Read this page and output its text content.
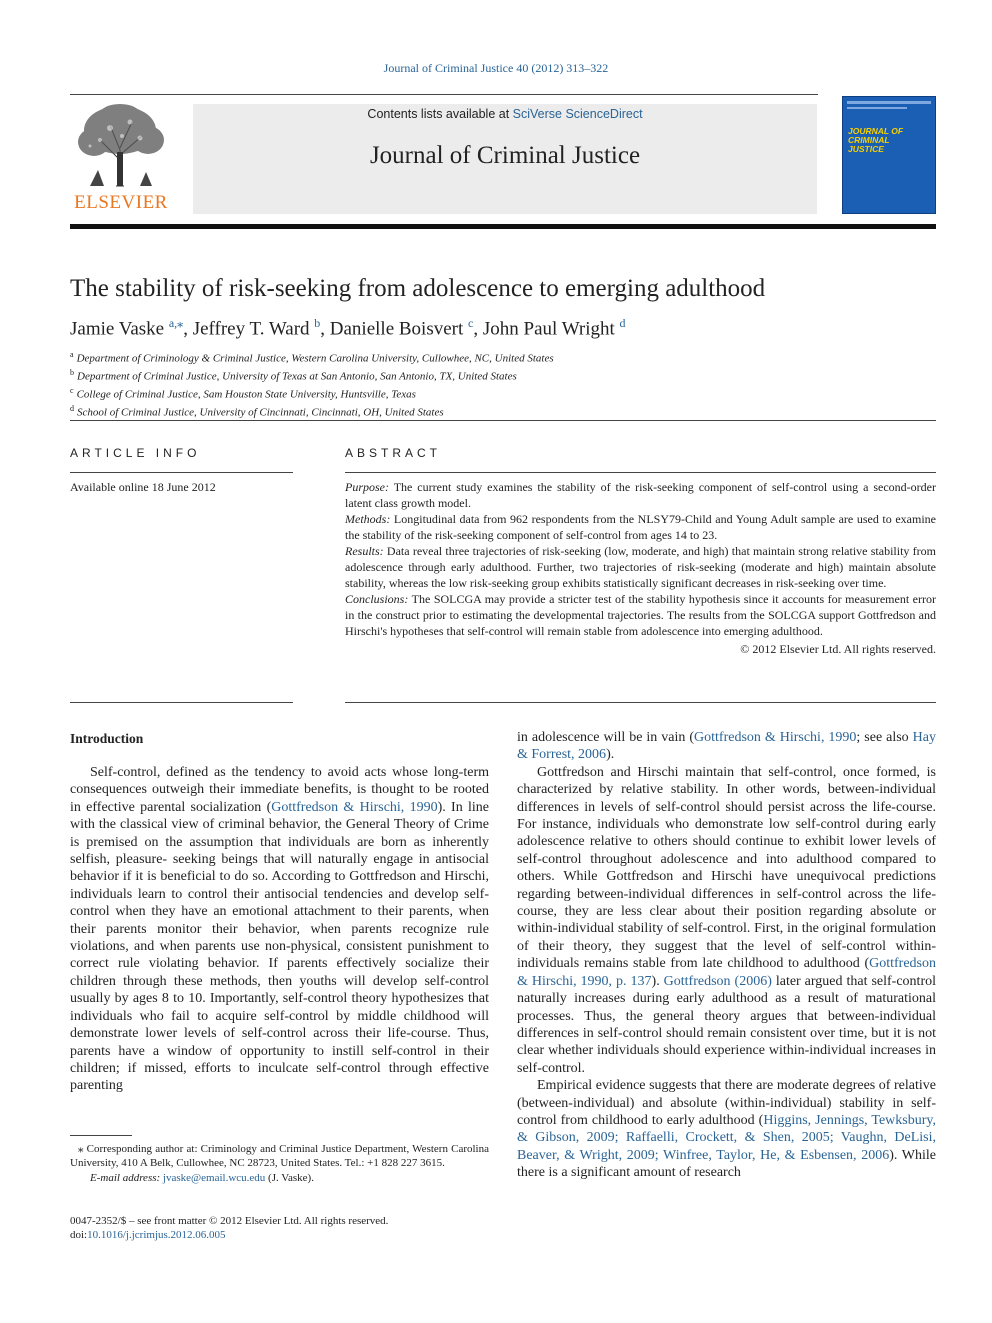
Journal of Criminal Justice 40 (2012) 313–322
ELSEVIER
Contents lists available at SciVerse ScienceDirect
Journal of Criminal Justice
JOURNAL OF CRIMINAL JUSTICE
The stability of risk-seeking from adolescence to emerging adulthood
Jamie Vaske $^{a,⁎}$, Jeffrey T. Ward $^b$, Danielle Boisvert $^c$, John Paul Wright $^d$
$^a$ Department of Criminology & Criminal Justice, Western Carolina University, Cullowhee, NC, United States
$^b$ Department of Criminal Justice, University of Texas at San Antonio, San Antonio, TX, United States
$^c$ College of Criminal Justice, Sam Houston State University, Huntsville, Texas
$^d$ School of Criminal Justice, University of Cincinnati, Cincinnati, OH, United States
ARTICLE INFO
Available online 18 June 2012
ABSTRACT

Purpose: The current study examines the stability of the risk-seeking component of self-control using a second-order latent class growth model.

Methods: Longitudinal data from 962 respondents from the NLSY79-Child and Young Adult sample are used to examine the stability of the risk-seeking component of self-control from ages 14 to 23.

Results: Data reveal three trajectories of risk-seeking (low, moderate, and high) that maintain strong relative stability from adolescence through early adulthood. Further, two trajectories of risk-seeking (moderate and high) maintain absolute stability, whereas the low risk-seeking group exhibits statistically significant decreases in risk-seeking over time.

Conclusions: The SOLCGA may provide a stricter test of the stability hypothesis since it accounts for measurement error in the construct prior to estimating the developmental trajectories. The results from the SOLCGA support Gottfredson and Hirschi's hypotheses that self-control will remain stable from adolescence into emerging adulthood.

© 2012 Elsevier Ltd. All rights reserved.

Introduction

Self-control, defined as the tendency to avoid acts whose long-term consequences outweigh their immediate benefits, is thought to be rooted in effective parental socialization (Gottfredson & Hirschi, 1990). In line with the classical view of criminal behavior, the General Theory of Crime is premised on the assumption that individuals are born as inherently selfish, pleasure- seeking beings that will naturally engage in antisocial behavior if it is beneficial to do so. According to Gottfredson and Hirschi, individuals learn to control their antisocial tendencies and develop self-control when they have an emotional attachment to their parents, when their parents monitor their behavior, when parents recognize rule violations, and when parents use non-physical, consistent punishment to correct rule violating behavior. If parents effectively socialize their children through these methods, then youths will develop self-control usually by ages 8 to 10. Importantly, self-control theory hypothesizes that individuals who fail to acquire self-control by middle childhood will demonstrate lower levels of self-control across their life-course. Thus, parents have a window of opportunity to instill self-control in their children; if missed, efforts to inculcate self-control through effective parenting

in adolescence will be in vain (Gottfredson & Hirschi, 1990; see also Hay & Forrest, 2006).

Gottfredson and Hirschi maintain that self-control, once formed, is characterized by relative stability. In other words, between-individual differences in levels of self-control should persist across the life-course. For instance, individuals who demonstrate low self-control during early adolescence relative to others should continue to exhibit lower levels of self-control throughout adolescence and into adulthood compared to others. While Gottfredson and Hirschi have unequivocal predictions regarding between-individual differences in self-control across the life-course, they are less clear about their position regarding absolute or within-individual stability of self-control. First, in the original formulation of their theory, they suggest that the level of self-control within-individuals remains stable from late childhood to adulthood (Gottfredson & Hirschi, 1990, p. 137). Gottfredson (2006) later argued that self-control naturally increases during early adulthood as a result of maturational processes. Thus, the general theory argues that between-individual differences in self-control should remain consistent over time, but it is not clear whether individuals should experience within-individual increases in self-control.

Empirical evidence suggests that there are moderate degrees of relative (between-individual) and absolute (within-individual) stability in self-control from childhood to early adulthood (Higgins, Jennings, Tewksbury, & Gibson, 2009; Raffaelli, Crockett, & Shen, 2005; Vaughn, DeLisi, Beaver, & Wright, 2009; Winfree, Taylor, He, & Esbensen, 2006). While there is a significant amount of research

⁎ Corresponding author at: Criminology and Criminal Justice Department, Western Carolina University, 410 A Belk, Cullowhee, NC 28723, United States. Tel.: +1 828 227 3615.

E-mail address: jvaske@email.wcu.edu (J. Vaske).

0047-2352/$ – see front matter © 2012 Elsevier Ltd. All rights reserved.
doi:10.1016/j.jcrimjus.2012.06.005
